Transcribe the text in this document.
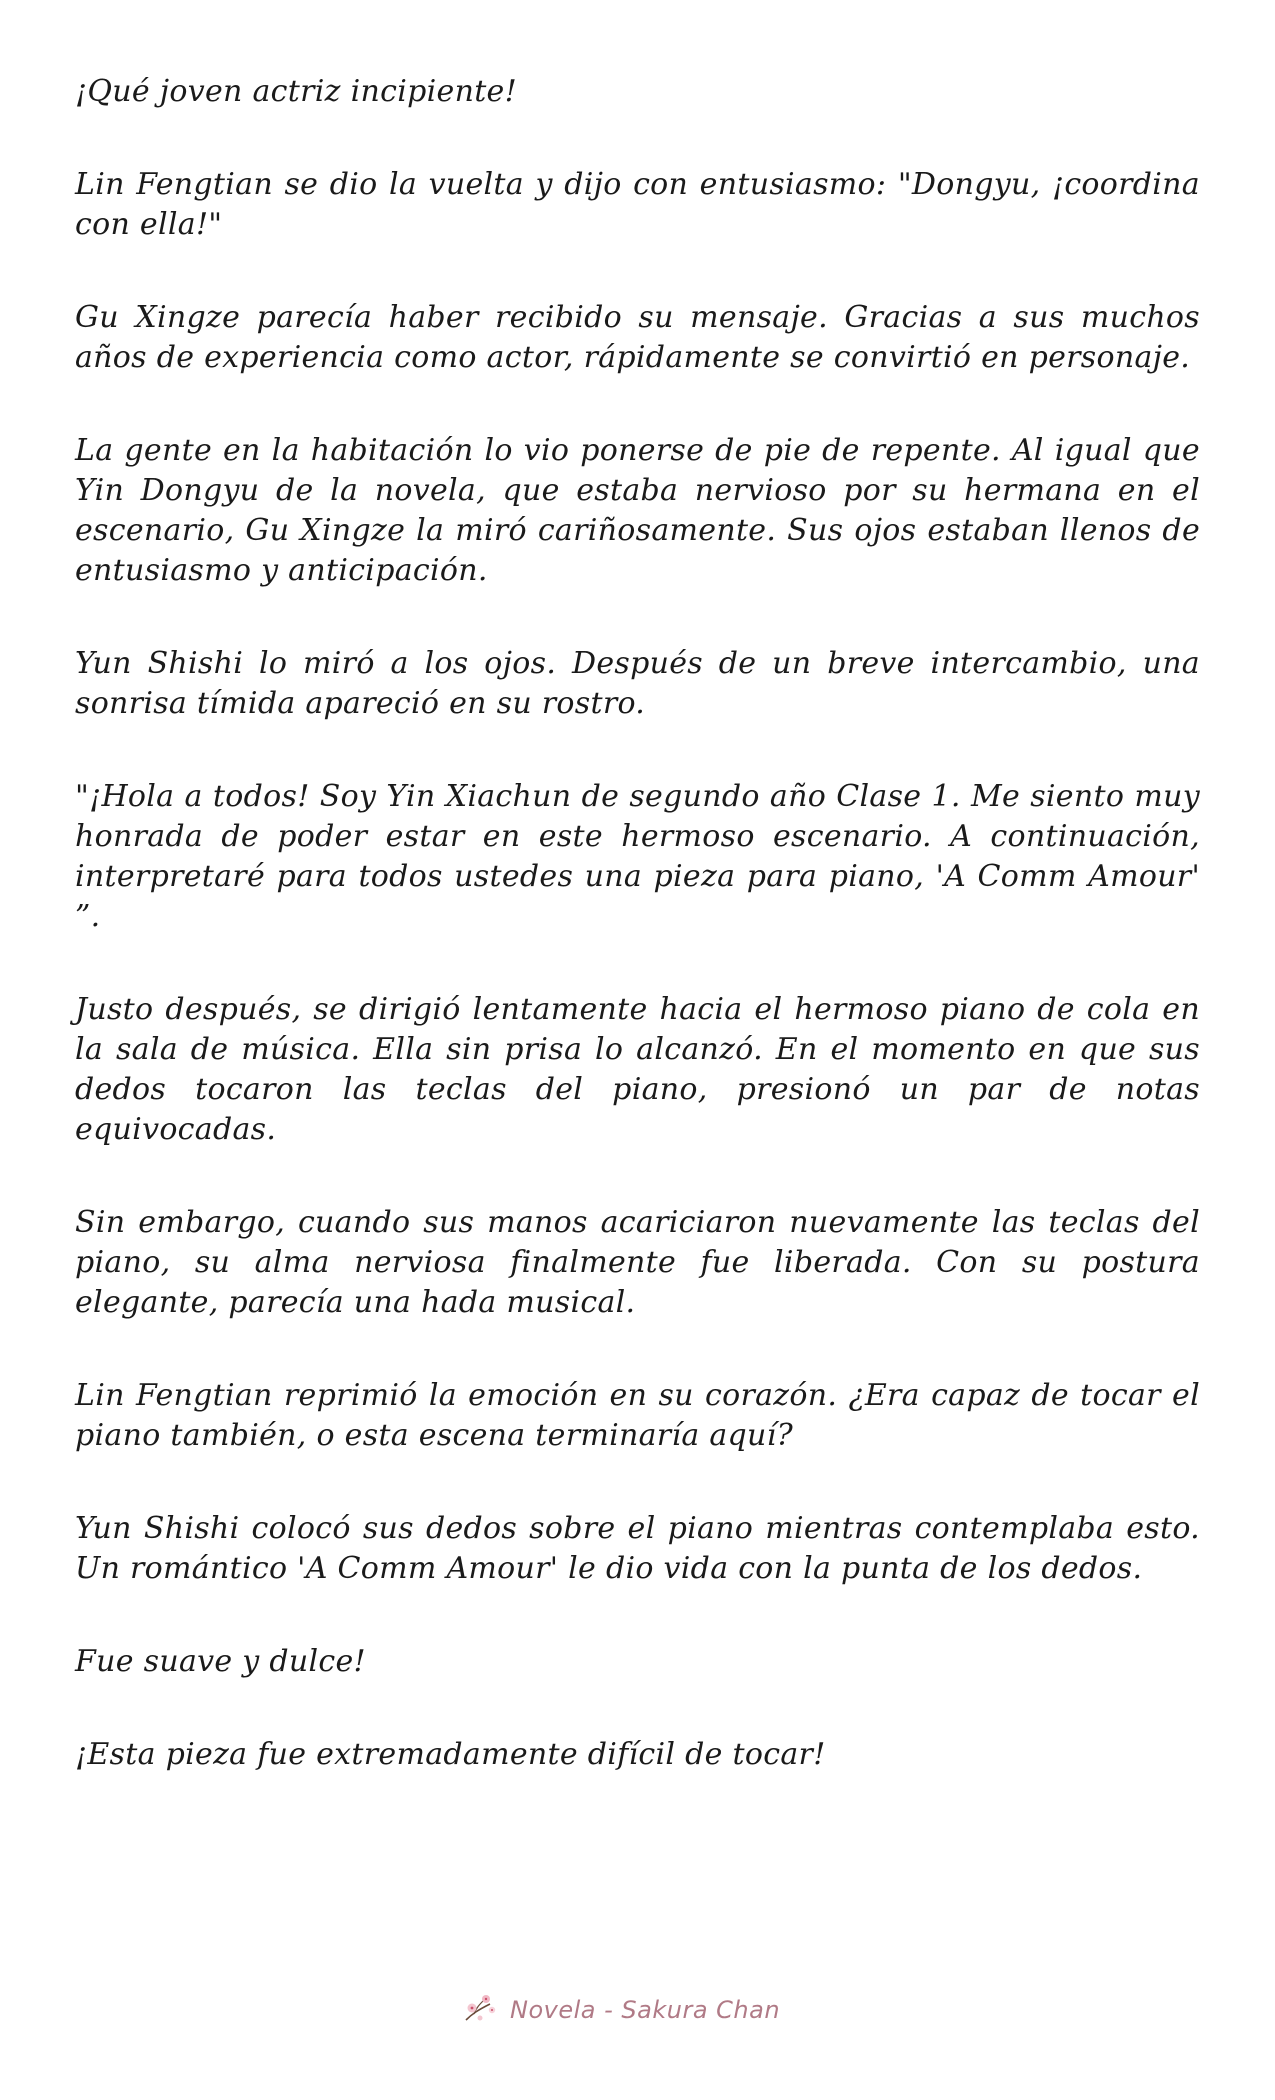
¡Qué joven actriz incipiente!

Lin Fengtian se dio la vuelta y dijo con entusiasmo: "Dongyu, ¡coordina con ella!"

Gu Xingze parecía haber recibido su mensaje. Gracias a sus muchos años de experiencia como actor, rápidamente se convirtió en personaje.

La gente en la habitación lo vio ponerse de pie de repente. Al igual que Yin Dongyu de la novela, que estaba nervioso por su hermana en el escenario, Gu Xingze la miró cariñosamente. Sus ojos estaban llenos de entusiasmo y anticipación.

Yun Shishi lo miró a los ojos. Después de un breve intercambio, una sonrisa tímida apareció en su rostro.

"¡Hola a todos! Soy Yin Xiachun de segundo año Clase 1. Me siento muy honrada de poder estar en este hermoso escenario. A continuación, interpretaré para todos ustedes una pieza para piano, 'A Comm Amour' ”.

Justo después, se dirigió lentamente hacia el hermoso piano de cola en la sala de música. Ella sin prisa lo alcanzó. En el momento en que sus dedos tocaron las teclas del piano, presionó un par de notas equivocadas.

Sin embargo, cuando sus manos acariciaron nuevamente las teclas del piano, su alma nerviosa finalmente fue liberada. Con su postura elegante, parecía una hada musical.

Lin Fengtian reprimió la emoción en su corazón. ¿Era capaz de tocar el piano también, o esta escena terminaría aquí?

Yun Shishi colocó sus dedos sobre el piano mientras contemplaba esto. Un romántico 'A Comm Amour' le dio vida con la punta de los dedos.

Fue suave y dulce!

¡Esta pieza fue extremadamente difícil de tocar!

Novela - Sakura Chan
